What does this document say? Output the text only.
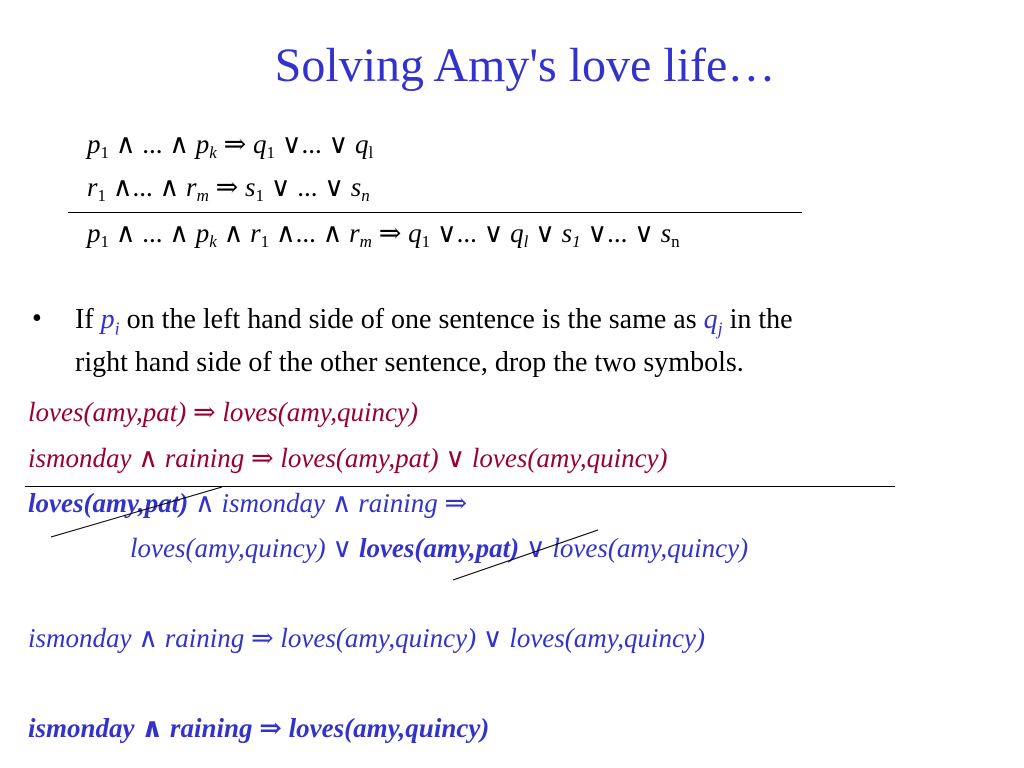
Solving Amy's love life…
$p_1$ ∧ ... ∧ $p_k$ ⇒ $q_1$ ∨... ∨ $q_l$
$r_1$ ∧... ∧ $r_m$ ⇒ $s_1$ ∨ ... ∨ $s_n$
$p_1$ ∧ ... ∧ $p_k$ ∧ $r_1$ ∧... ∧ $r_m$ ⇒ $q_1$ ∨... ∨ $q_l$ ∨ $s_1$ ∨... ∨ $s_n$
• If $p_i$ on the left hand side of one sentence is the same as $q_j$ in the
right hand side of the other sentence, drop the two symbols.
loves(amy,pat) ⇒ loves(amy,quincy)
ismonday ∧ raining ⇒ loves(amy,pat) ∨ loves(amy,quincy)
loves(amy,pat) ∧ ismonday ∧ raining ⇒
loves(amy,quincy) ∨ loves(amy,pat) ∨ loves(amy,quincy)
ismonday ∧ raining ⇒ loves(amy,quincy) ∨ loves(amy,quincy)
ismonday ∧ raining ⇒ loves(amy,quincy)
